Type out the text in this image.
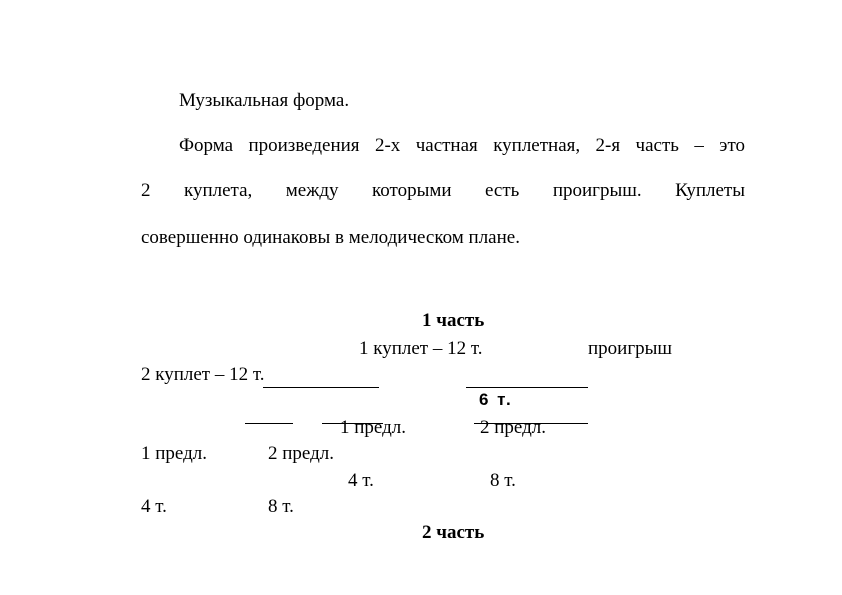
Музыкальная форма.
Форма произведения 2-х частная куплетная, 2-я часть – это
2 куплета, между которыми есть проигрыш. Куплеты
совершенно одинаковы в мелодическом плане.
1 часть
1 куплет – 12 т.	проигрыш
2 куплет – 12 т.
6 т.
1 предл.	2 предл.
1 предл.	2 предл.
4 т.	8 т.
4 т.	8 т.
2 часть
